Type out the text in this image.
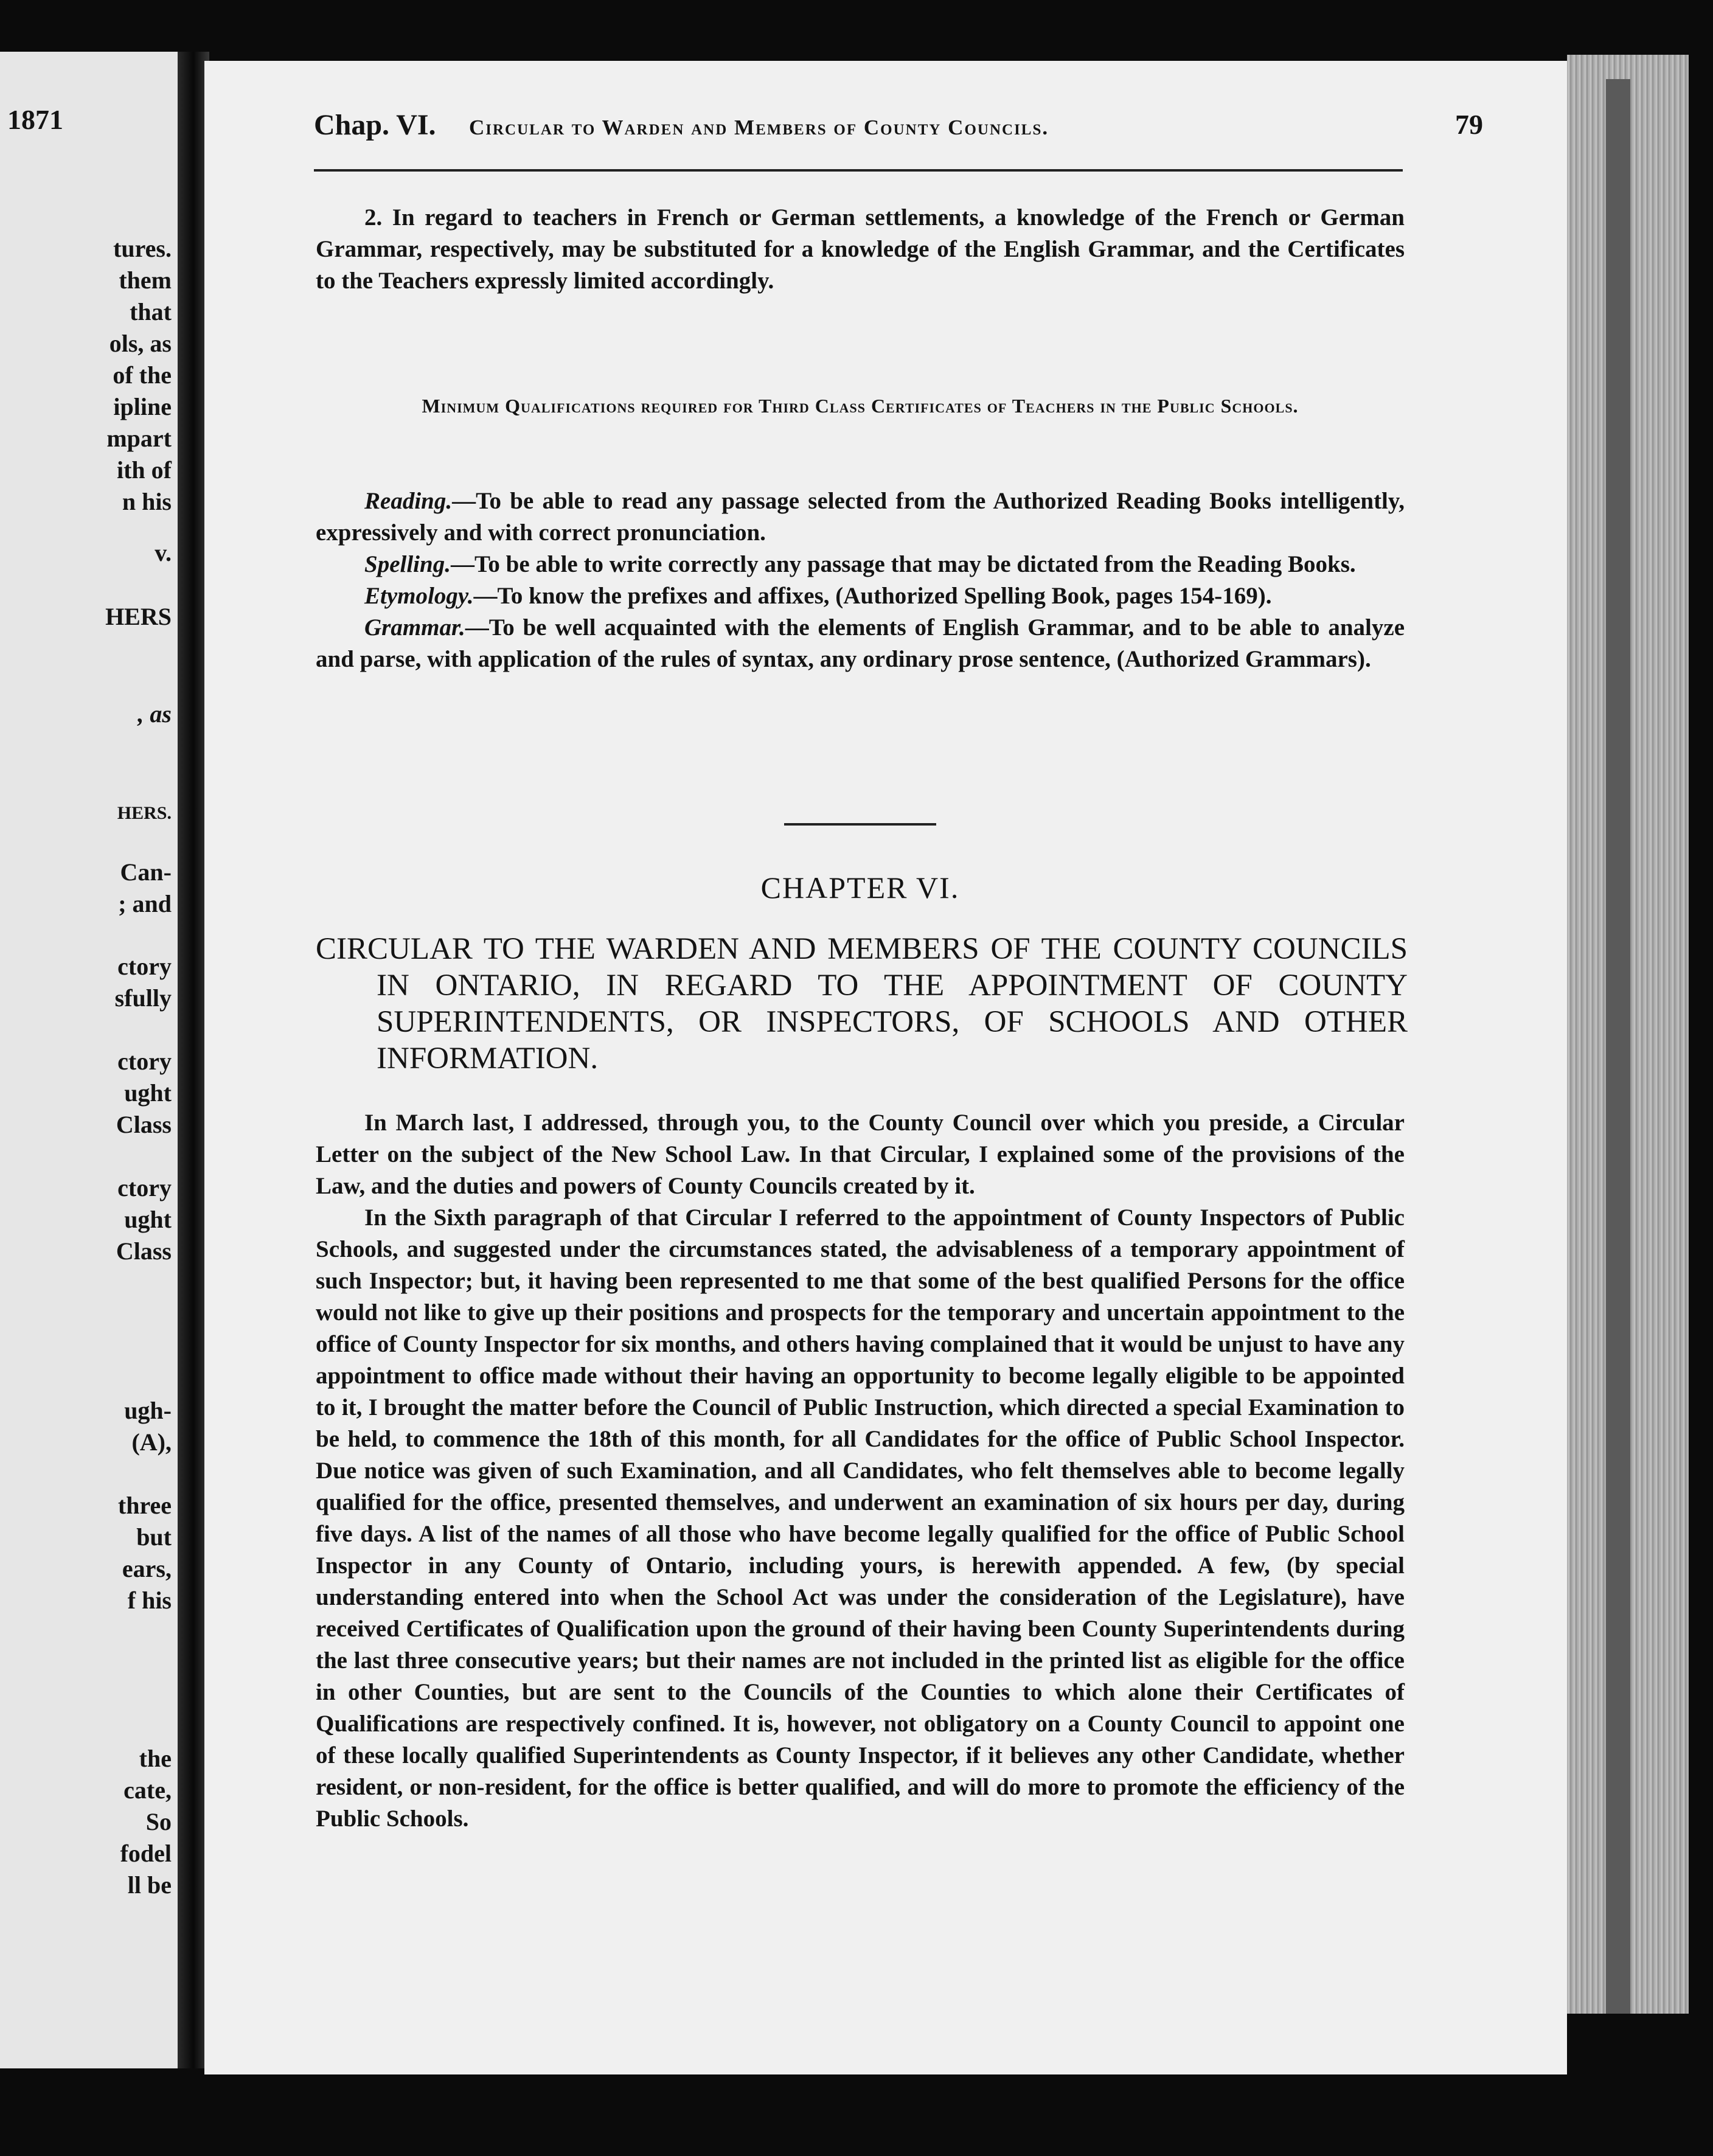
1871
tures.
them
that
ols, as
of the
ipline
mpart
ith of
n his
v.
HERS
, as
HERS.
Can-
; and
ctory
sfully
ctory
ught
Class
ctory
ught
Class
ugh-
(A),
three
but
ears,
f his
the
cate,
So
fodel
ll be
Chap. VI. Circular to Warden and Members of County Councils.	79

2. In regard to teachers in French or German settlements, a knowledge of the French or German Grammar, respectively, may be substituted for a knowledge of the English Grammar, and the Certificates to the Teachers expressly limited accordingly.

Minimum Qualifications required for Third Class Certificates of Teachers in the Public Schools.

Reading.—To be able to read any passage selected from the Authorized Reading Books intelligently, expressively and with correct pronunciation.

Spelling.—To be able to write correctly any passage that may be dictated from the Reading Books.

Etymology.—To know the prefixes and affixes, (Authorized Spelling Book, pages 154-169).

Grammar.—To be well acquainted with the elements of English Grammar, and to be able to analyze and parse, with application of the rules of syntax, any ordinary prose sentence, (Authorized Grammars).

CHAPTER VI.
CIRCULAR TO THE WARDEN AND MEMBERS OF THE COUNTY COUNCILS IN ONTARIO, IN REGARD TO THE APPOINTMENT OF COUNTY SUPERINTENDENTS, OR INSPECTORS, OF SCHOOLS AND OTHER INFORMATION.

In March last, I addressed, through you, to the County Council over which you preside, a Circular Letter on the subject of the New School Law. In that Circular, I explained some of the provisions of the Law, and the duties and powers of County Councils created by it.

In the Sixth paragraph of that Circular I referred to the appointment of County Inspectors of Public Schools, and suggested under the circumstances stated, the advisableness of a temporary appointment of such Inspector; but, it having been represented to me that some of the best qualified Persons for the office would not like to give up their positions and prospects for the temporary and uncertain appointment to the office of County Inspector for six months, and others having complained that it would be unjust to have any appointment to office made without their having an opportunity to become legally eligible to be appointed to it, I brought the matter before the Council of Public Instruction, which directed a special Examination to be held, to commence the 18th of this month, for all Candidates for the office of Public School Inspector. Due notice was given of such Examination, and all Candidates, who felt themselves able to become legally qualified for the office, presented themselves, and underwent an examination of six hours per day, during five days. A list of the names of all those who have become legally qualified for the office of Public School Inspector in any County of Ontario, including yours, is herewith appended. A few, (by special understanding entered into when the School Act was under the consideration of the Legislature), have received Certificates of Qualification upon the ground of their having been County Superintendents during the last three consecutive years; but their names are not included in the printed list as eligible for the office in other Counties, but are sent to the Councils of the Counties to which alone their Certificates of Qualifications are respectively confined. It is, however, not obligatory on a County Council to appoint one of these locally qualified Superintendents as County Inspector, if it believes any other Candidate, whether resident, or non-resident, for the office is better qualified, and will do more to promote the efficiency of the Public Schools.
